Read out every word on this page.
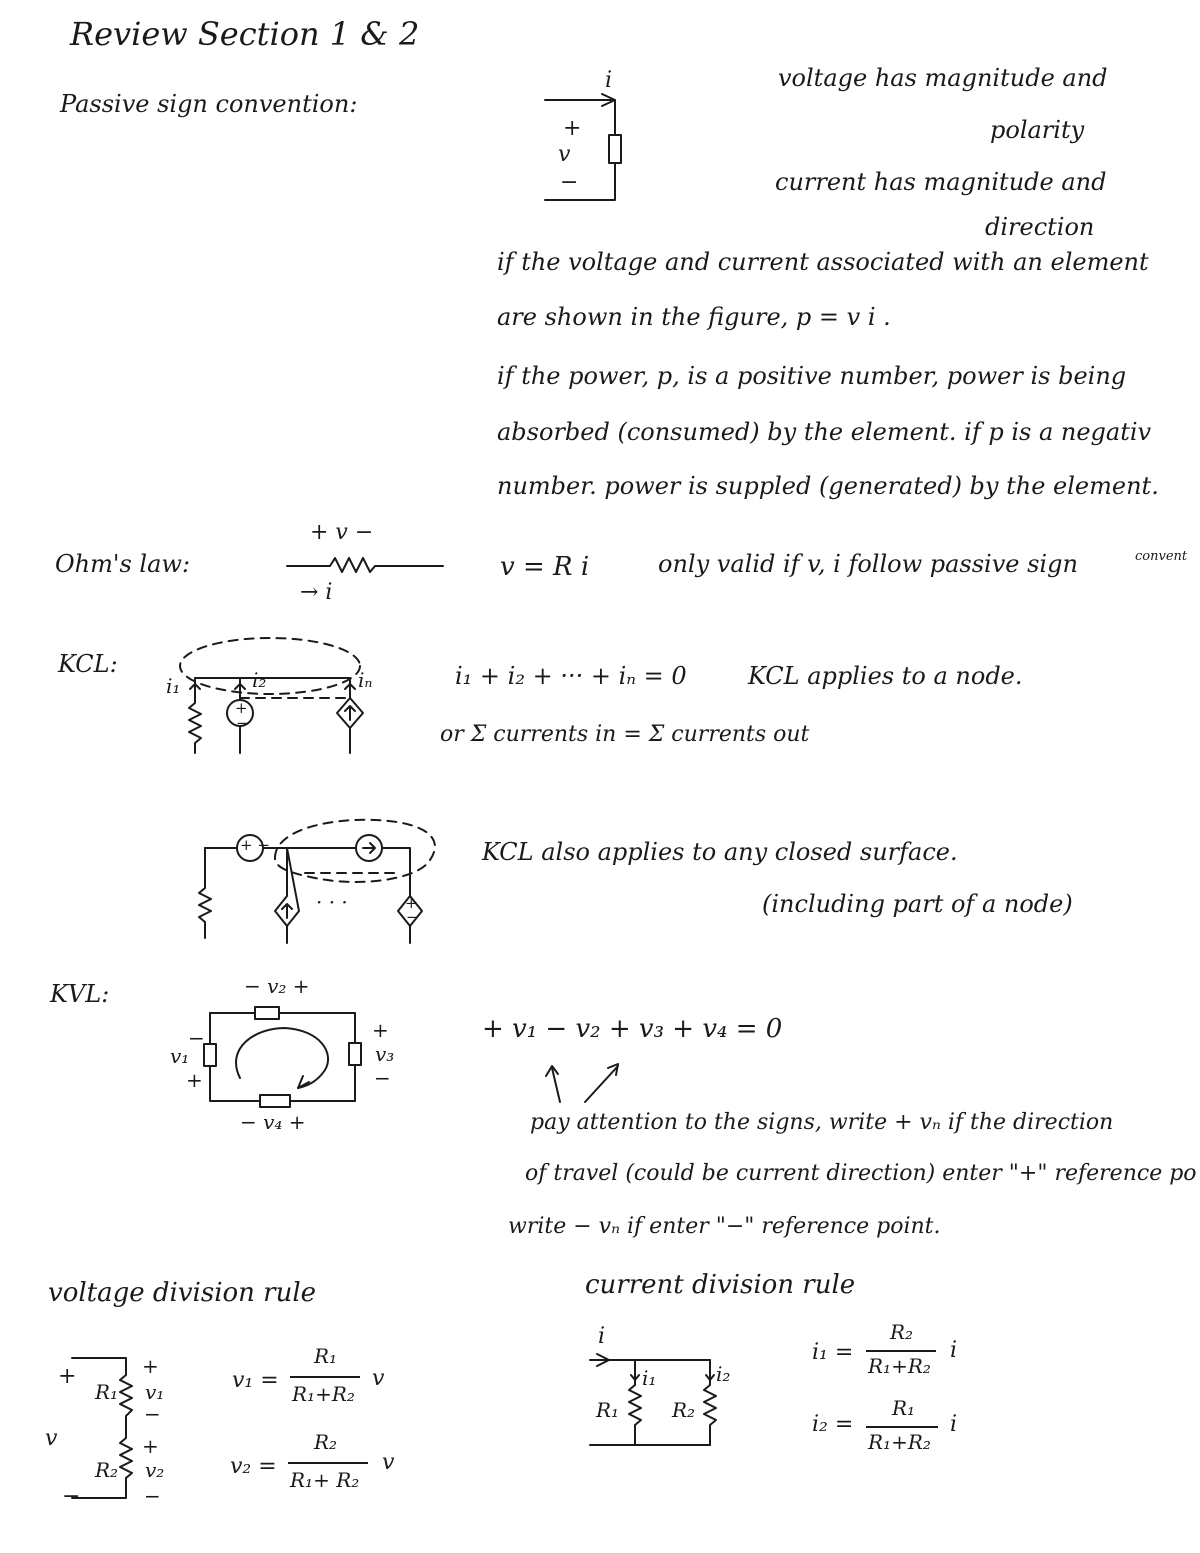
Review Section 1 & 2
Passive sign convention:
i
+
v
−
voltage has magnitude and
polarity
current has magnitude and
direction
if the voltage and current associated with an element
are shown in the figure, p = v i .
if the power, p, is a positive number, power is being
absorbed (consumed) by the element. if p is a negativ
number. power is suppled (generated) by the element.
Ohm's law:
+ v −
→ i
v = R i	only valid if v, i follow passive sign	convent
KCL:
+
−
i₁	i₂	iₙ	i₁ + i₂ + ··· + iₙ = 0	KCL applies to a node.
or Σ currents in = Σ currents out
+ −
· · ·	+
−
KCL also applies to any closed surface.
(including part of a node)
KVL:	− v₂ +
−
v₁
+
+
v₃
−
− v₄ +
+ v₁ − v₂ + v₃ + v₄ = 0
pay attention to the signs, write + vₙ if the direction
of travel (could be current direction) enter "+" reference po
write − vₙ if enter "−" reference point.
voltage division rule
+
v
−
R₁
R₂
+
v₁
−
+
v₂
−
v₁ =
R₁
R₁+R₂
v
v₂ =
R₂
R₁+ R₂
v
current division rule
i
i₁	i₂
R₁	R₂
i₁ =
R₂
R₁+R₂
i
i₂ =
R₁
R₁+R₂
i
